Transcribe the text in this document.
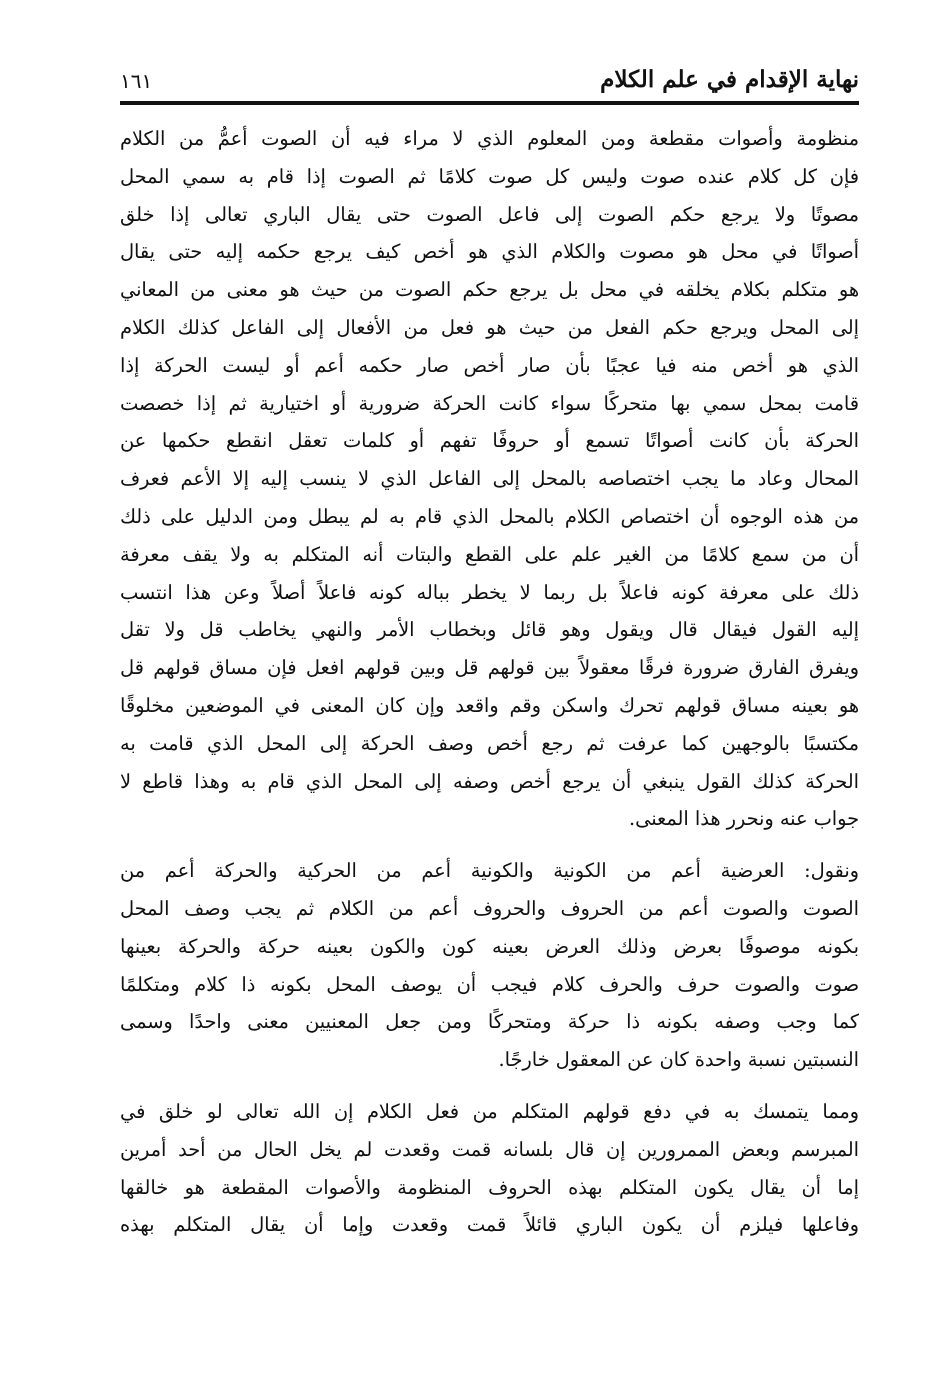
نهاية الإقدام في علم الكلام
١٦١
منظومة وأصوات مقطعة ومن المعلوم الذي لا مراء فيه أن الصوت أعمُّ من الكلام
فإن كل كلام عنده صوت وليس كل صوت كلامًا ثم الصوت إذا قام به سمي المحل
مصوتًا ولا يرجع حكم الصوت إلى فاعل الصوت حتى يقال الباري تعالى إذا خلق
أصواتًا في محل هو مصوت والكلام الذي هو أخص كيف يرجع حكمه إليه حتى يقال
هو متكلم بكلام يخلقه في محل بل يرجع حكم الصوت من حيث هو معنى من المعاني
إلى المحل ويرجع حكم الفعل من حيث هو فعل من الأفعال إلى الفاعل كذلك الكلام
الذي هو أخص منه فيا عجبًا بأن صار أخص صار حكمه أعم أو ليست الحركة إذا
قامت بمحل سمي بها متحركًا سواء كانت الحركة ضرورية أو اختيارية ثم إذا خصصت
الحركة بأن كانت أصواتًا تسمع أو حروفًا تفهم أو كلمات تعقل انقطع حكمها عن
المحال وعاد ما يجب اختصاصه بالمحل إلى الفاعل الذي لا ينسب إليه إلا الأعم فعرف
من هذه الوجوه أن اختصاص الكلام بالمحل الذي قام به لم يبطل ومن الدليل على ذلك
أن من سمع كلامًا من الغير علم على القطع والبتات أنه المتكلم به ولا يقف معرفة
ذلك على معرفة كونه فاعلاً بل ربما لا يخطر بباله كونه فاعلاً أصلاً وعن هذا انتسب
إليه القول فيقال قال ويقول وهو قائل وبخطاب الأمر والنهي يخاطب قل ولا تقل
ويفرق الفارق ضرورة فرقًا معقولاً بين قولهم قل وبين قولهم افعل فإن مساق قولهم قل
هو بعينه مساق قولهم تحرك واسكن وقم واقعد وإن كان المعنى في الموضعين مخلوقًا
مكتسبًا بالوجهين كما عرفت ثم رجع أخص وصف الحركة إلى المحل الذي قامت به
الحركة كذلك القول ينبغي أن يرجع أخص وصفه إلى المحل الذي قام به وهذا قاطع لا
جواب عنه ونحرر هذا المعنى.
ونقول: العرضية أعم من الكونية والكونية أعم من الحركية والحركة أعم من
الصوت والصوت أعم من الحروف والحروف أعم من الكلام ثم يجب وصف المحل
بكونه موصوفًا بعرض وذلك العرض بعينه كون والكون بعينه حركة والحركة بعينها
صوت والصوت حرف والحرف كلام فيجب أن يوصف المحل بكونه ذا كلام ومتكلمًا
كما وجب وصفه بكونه ذا حركة ومتحركًا ومن جعل المعنيين معنى واحدًا وسمى
النسبتين نسبة واحدة كان عن المعقول خارجًا.
ومما يتمسك به في دفع قولهم المتكلم من فعل الكلام إن الله تعالى لو خلق في
المبرسم وبعض الممرورين إن قال بلسانه قمت وقعدت لم يخل الحال من أحد أمرين
إما أن يقال يكون المتكلم بهذه الحروف المنظومة والأصوات المقطعة هو خالقها
وفاعلها فيلزم أن يكون الباري قائلاً قمت وقعدت وإما أن يقال المتكلم بهذه
